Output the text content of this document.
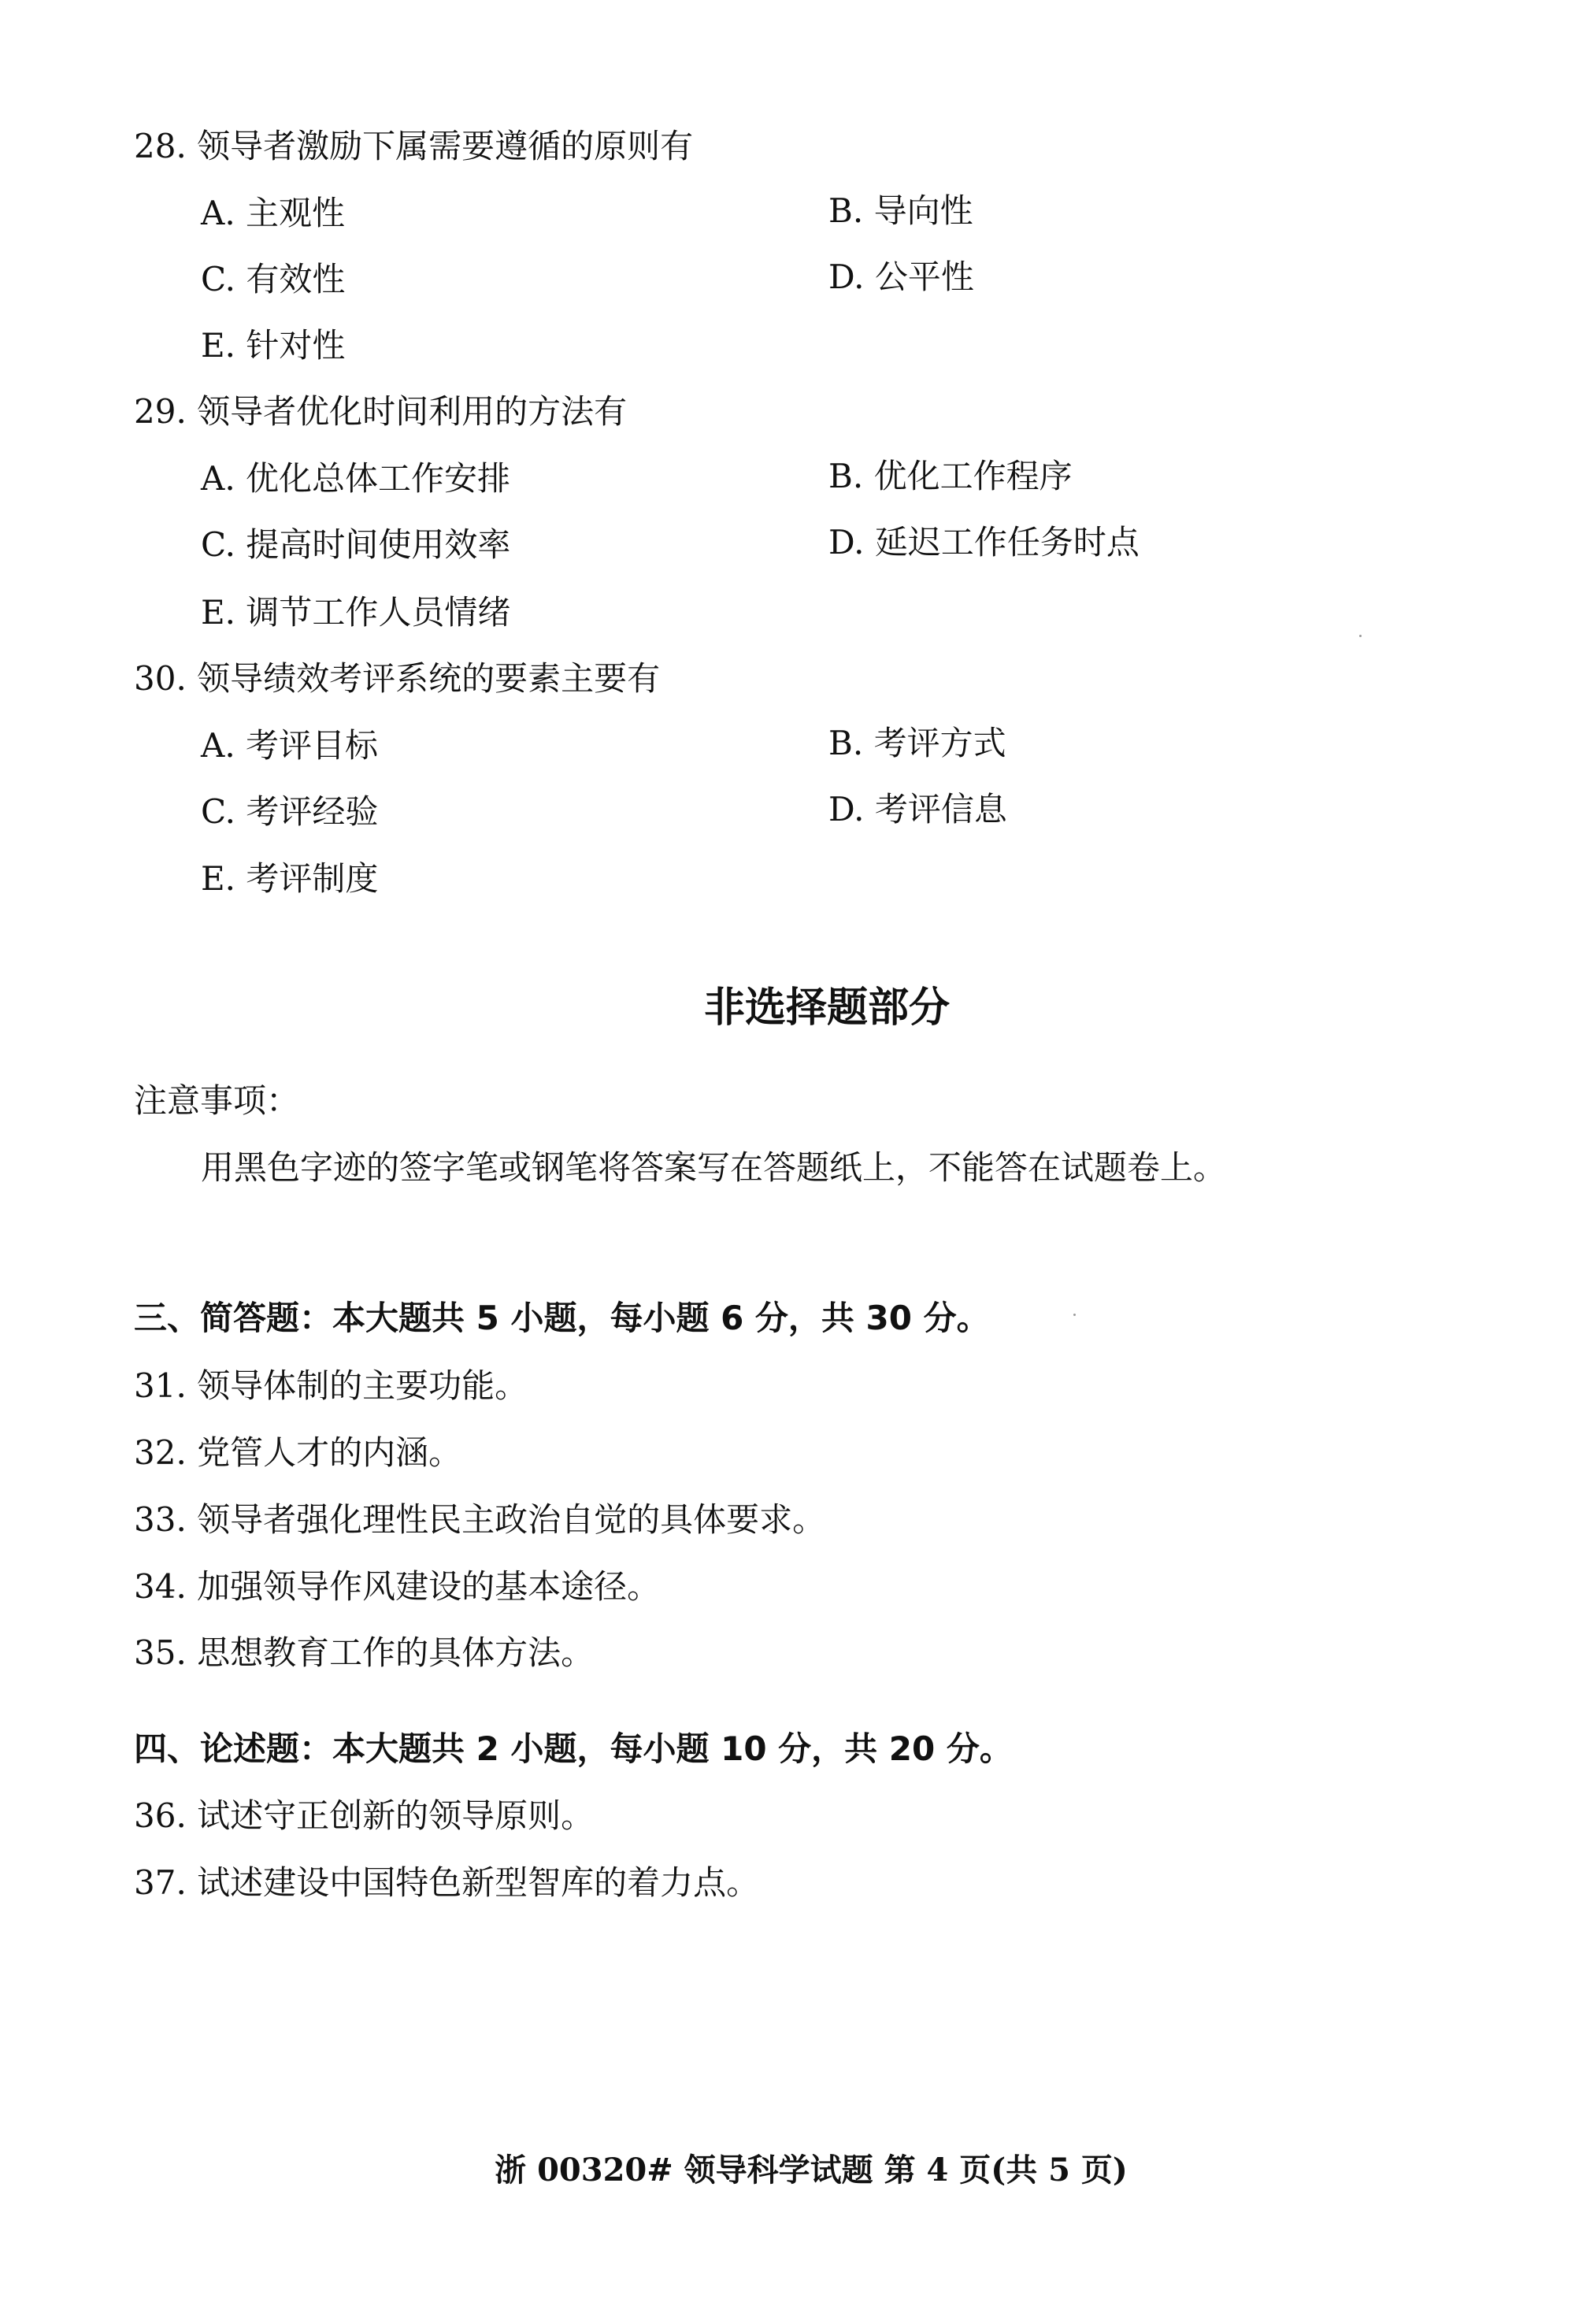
28. 领导者激励下属需要遵循的原则有
A. 主观性	B. 导向性
C. 有效性	D. 公平性
E. 针对性
29. 领导者优化时间利用的方法有
A. 优化总体工作安排	B. 优化工作程序
C. 提高时间使用效率	D. 延迟工作任务时点
E. 调节工作人员情绪
30. 领导绩效考评系统的要素主要有
A. 考评目标	B. 考评方式
C. 考评经验	D. 考评信息
E. 考评制度
非选择题部分
注意事项：
用黑色字迹的签字笔或钢笔将答案写在答题纸上，不能答在试题卷上。
三、简答题：本大题共 5 小题，每小题 6 分，共 30 分。
31. 领导体制的主要功能。
32. 党管人才的内涵。
33. 领导者强化理性民主政治自觉的具体要求。
34. 加强领导作风建设的基本途径。
35. 思想教育工作的具体方法。
四、论述题：本大题共 2 小题，每小题 10 分，共 20 分。
36. 试述守正创新的领导原则。
37. 试述建设中国特色新型智库的着力点。
浙 00320# 领导科学试题 第 4 页(共 5 页)
